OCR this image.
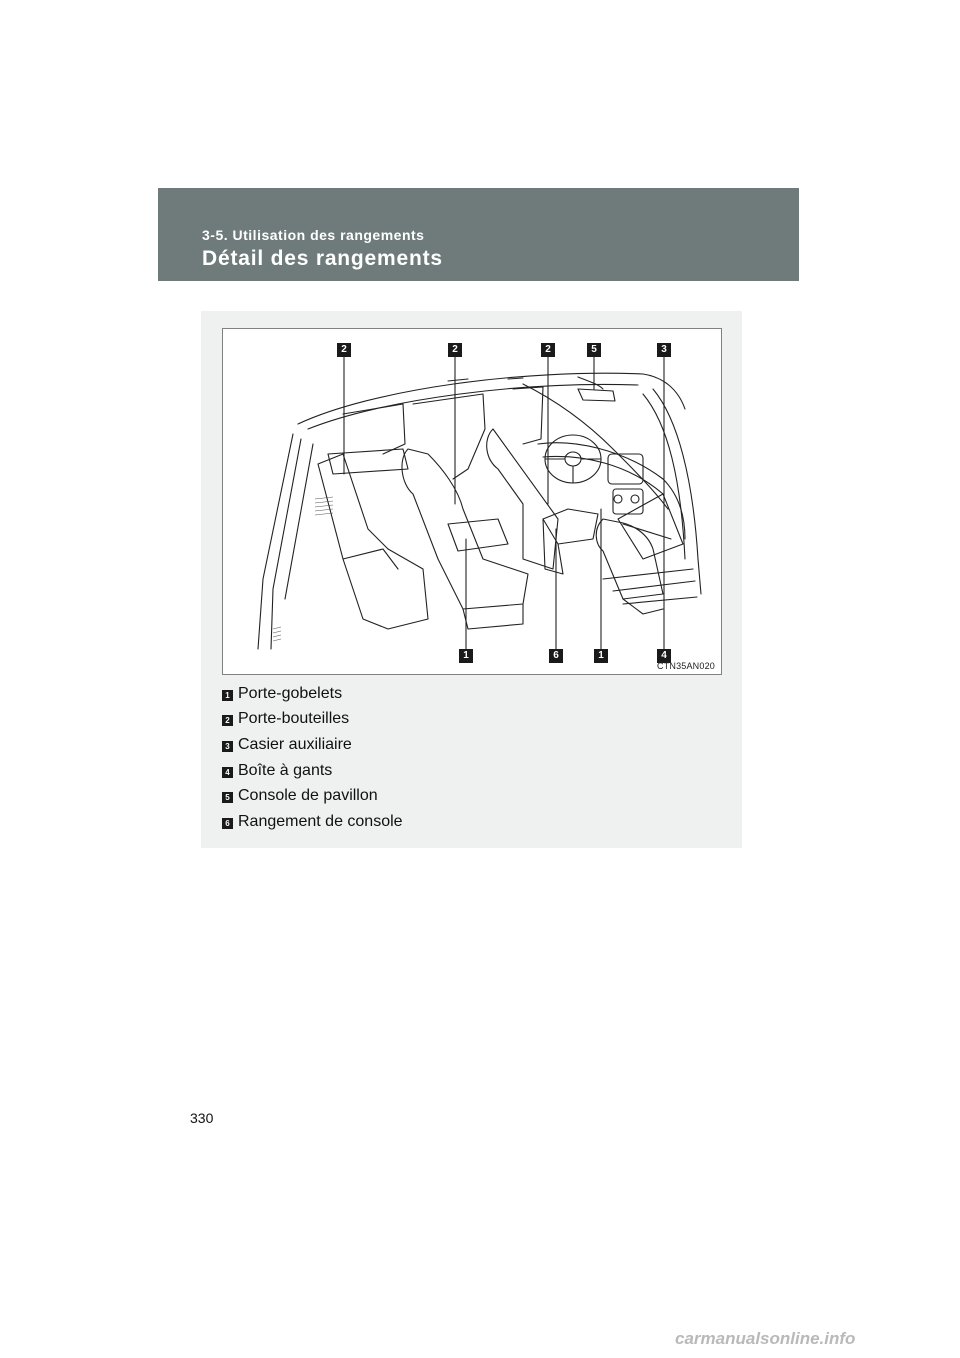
3-5. Utilisation des rangements
Détail des rangements
2	2	2	5	3
1	6	1	4
CTN35AN020
1 Porte-gobelets
2 Porte-bouteilles
3 Casier auxiliaire
4 Boîte à gants
5 Console de pavillon
6 Rangement de console
330
carmanualsonline.info
